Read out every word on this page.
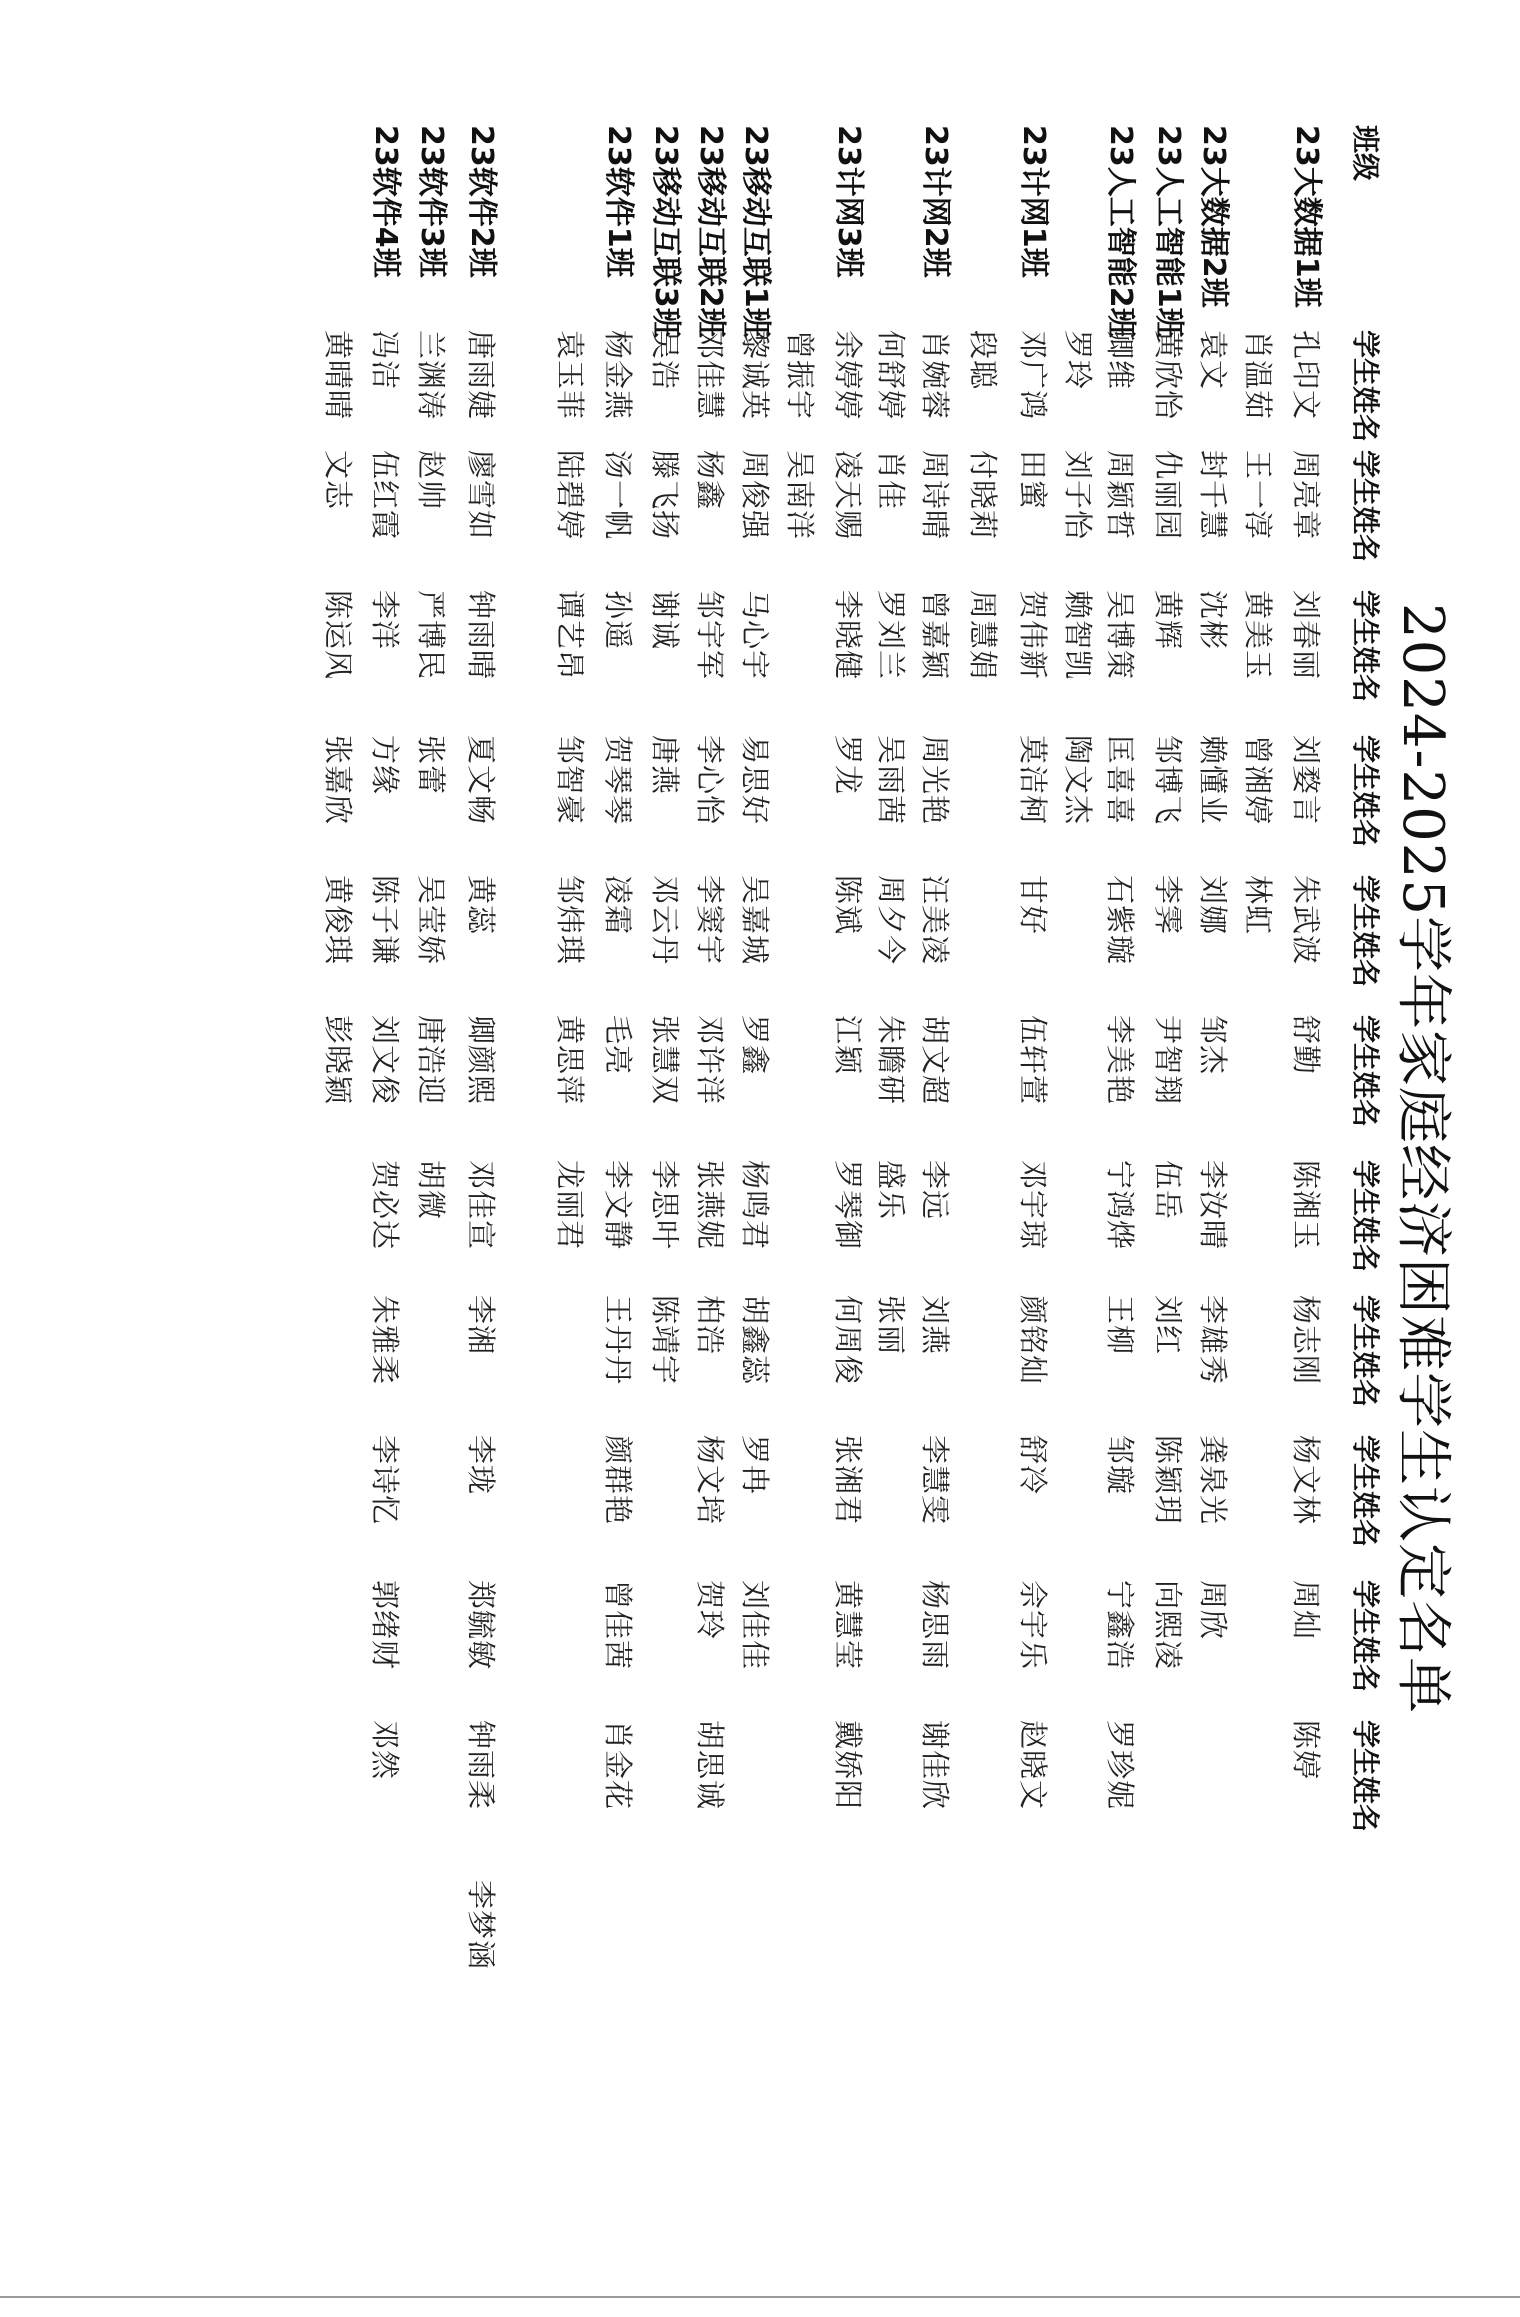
2024-2025学年家庭经济困难学生认定名单
班级
学生姓名
学生姓名
学生姓名
学生姓名
学生姓名
学生姓名
学生姓名
学生姓名
学生姓名
学生姓名
学生姓名
23大数据1班
孔印文
周亮章
刘春丽
刘婺言
朱武波
舒勤
陈湘玉
杨志刚
杨文林
周灿
陈婷
肖温茹
王一淳
黄美玉
曾湘婷
林虹
23大数据2班
袁文
封千慧
沈彬
赖懂业
刘娜
邹杰
李汝晴
李雄秀
龚泉光
周欣
23人工智能1班
黄欣怡
仇丽园
黄辉
邹博飞
李霁
尹智翔
伍岳
刘红
陈颖玥
向熙凌
23人工智能2班
卿维
周颖哲
吴博策
匡喜喜
石紫璇
李美艳
宁鸿烨
王柳
邹璇
宁鑫浩
罗珍妮
罗玲
刘子怡
赖智凯
陶文杰
23计网1班
邓广鸿
田蜜
贺伟新
莫洁柯
甘好
伍轩萱
邓宇琼
颜铭灿
舒冷
佘宇乐
赵晓文
段聪
付晓莉
周慧娟
23计网2班
肖婉蓉
周诗晴
曾嘉颖
周光艳
汪美凌
胡文超
李远
刘燕
李慧雯
杨思雨
谢佳欣
何舒婷
肖佳
罗刘兰
吴雨茜
周夕今
朱瞻研
盛乐
张丽
23计网3班
余婷婷
凌天赐
李晓健
罗龙
陈斌
江颖
罗琴御
何周俊
张湘君
黄慧莹
戴娇阳
曾振宇
吴南洋
23移动互联1班
黎诚英
周俊强
马心宇
易思好
吴嘉城
罗鑫
杨鸣君
胡鑫蕊
罗冉
刘佳佳
23移动互联2班
邓佳慧
杨鑫
邹宇军
李心怡
李窦宇
邓许洋
张燕妮
柏浩
杨文培
贺玲
胡思诚
23移动互联3班
吴浩
滕飞扬
谢诚
唐燕
邓云丹
张慧双
李思叶
陈靖宇
23软件1班
杨金燕
汤一帆
孙遥
贺琴琴
凌霜
毛亮
李文静
王丹丹
颜群艳
曾佳茜
肖金花
袁玉菲
陆碧婷
谭艺昂
邹智豪
邹炜琪
黄思萍
龙丽君
23软件2班
唐雨婕
廖雪如
钟雨晴
夏文畅
黄蕊
卿颜熙
邓佳宣
李湘
李珑
郑毓敏
钟雨柔
李梦涵
23软件3班
兰渊涛
赵帅
严博民
张蕾
吴莹娇
唐浩迎
胡微
23软件4班
冯洁
伍红霞
李洋
方缘
陈子谦
刘文俊
贺必达
朱雅柔
李诗忆
郭绪财
邓然
黄晴晴
文志
陈运风
张嘉欣
黄俊琪
彭晓颖
